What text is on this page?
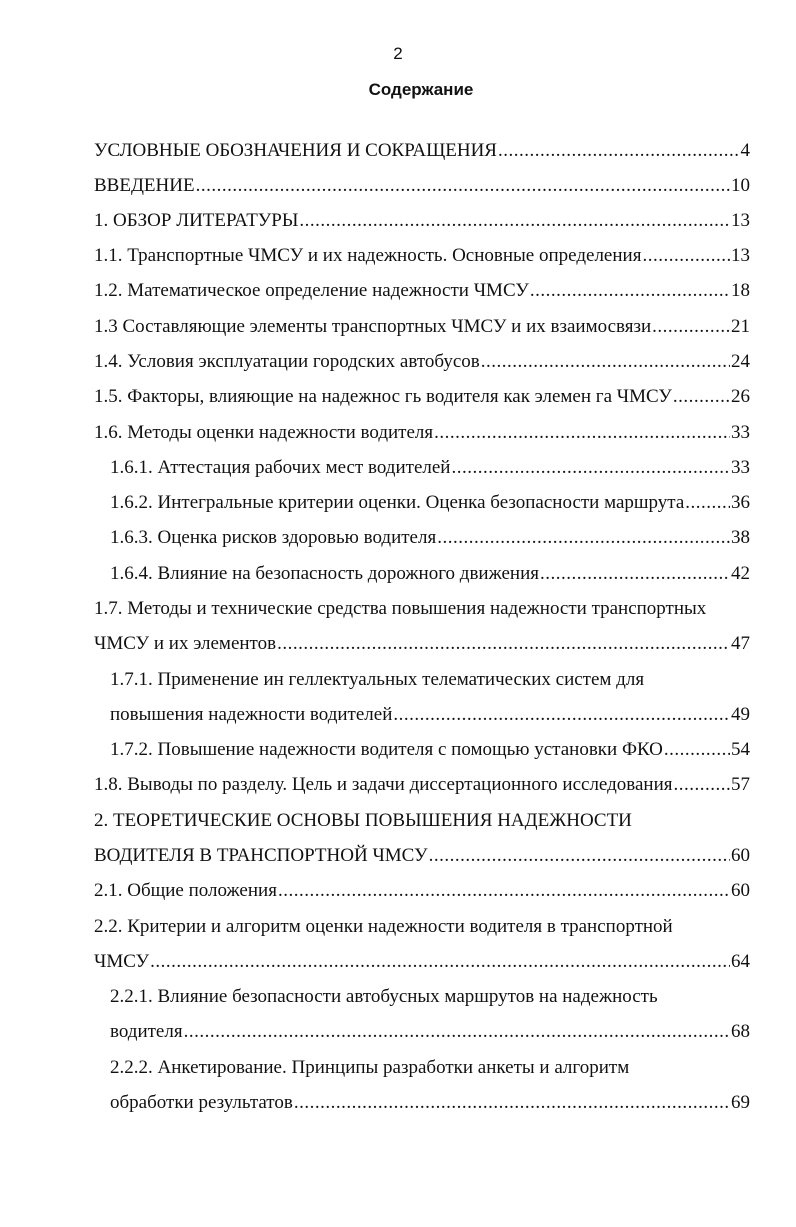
2
Содержание
УСЛОВНЫЕ ОБОЗНАЧЕНИЯ И СОКРАЩЕНИЯ .....	4
ВВЕДЕНИЕ .....	10
1. ОБЗОР ЛИТЕРАТУРЫ .....	13
1.1. Транспортные ЧМСУ и их надежность. Основные определения .....	13
1.2. Математическое определение надежности ЧМСУ .....	18
1.3 Составляющие элементы транспортных ЧМСУ и их взаимосвязи .....	21
1.4. Условия эксплуатации городских автобусов .....	24
1.5. Факторы, влияющие на надежнос гь водителя как элемен га ЧМСУ .....	26
1.6. Методы оценки надежности водителя .....	33
1.6.1. Аттестация рабочих мест водителей .....	33
1.6.2. Интегральные критерии оценки. Оценка безопасности маршрута ..... 36
1.6.3. Оценка рисков здоровью водителя .....	38
1.6.4. Влияние на безопасность дорожного движения .....	42
1.7. Методы и технические средства повышения надежности транспортных
ЧМСУ и их элементов .....	47
1.7.1. Применение ин геллектуальных телематических систем для
повышения надежности водителей .....	49
1.7.2. Повышение надежности водителя с помощью установки ФКО .....	54
1.8. Выводы по разделу. Цель и задачи диссертационного исследования .....	57
2. ТЕОРЕТИЧЕСКИЕ ОСНОВЫ ПОВЫШЕНИЯ НАДЕЖНОСТИ
ВОДИТЕЛЯ В ТРАНСПОРТНОЙ ЧМСУ .....	60
2.1. Общие положения .....	60
2.2. Критерии и алгоритм оценки надежности водителя в транспортной
ЧМСУ .....	64
2.2.1. Влияние безопасности автобусных маршрутов на надежность
водителя .....	68
2.2.2. Анкетирование. Принципы разработки анкеты и алгоритм
обработки результатов .....	69
